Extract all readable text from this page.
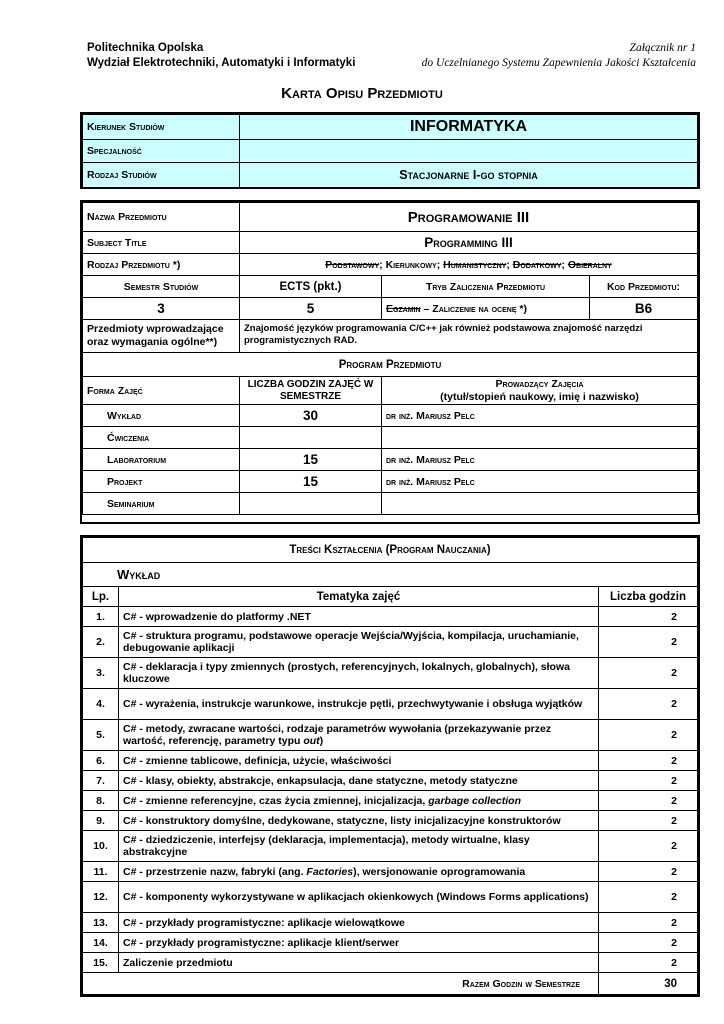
Politechnika Opolska
Wydział Elektrotechniki, Automatyki i Informatyki
Załącznik nr 1
do Uczelnianego Systemu Zapewnienia Jakości Kształcenia
Karta Opisu Przedmiotu
Kierunek Studiów	INFORMATYKA
Specjalność	
Rodzaj Studiów	Stacjonarne I-go stopnia
Nazwa Przedmiotu	Programowanie III		
Subject Title	Programming III		
Rodzaj Przedmiotu *)	Podstawowy; Kierunkowy; Humanistyczny; Dodatkowy; Obieralny		
Semestr Studiów	ECTS (pkt.)	Tryb Zaliczenia Przedmiotu	Kod Przedmiotu:
3	5	Egzamin – Zaliczenie na ocenę *)	B6
Przedmioty wprowadzające oraz wymagania ogólne**)	Znajomość języków programowania C/C++ jak również podstawowa znajomość narzędzi programistycznych RAD.		
Program Przedmiotu			
Forma Zajęć	LICZBA GODZIN ZAJĘĆ W SEMESTRZE	Prowadzący Zajęcia
(tytuł/stopień naukowy, imię i nazwisko)	

Wykład	30	dr inż. Mariusz Pelc	
Ćwiczenia			
Laboratorium	15	dr inż. Mariusz Pelc	
Projekt	15	dr inż. Mariusz Pelc	
Seminarium			
Treści Kształcenia (Program Nauczania)		
Wykład		
Lp.	Tematyka zajęć	Liczba godzin
1.	C# - wprowadzenie do platformy .NET	2
2.	C# - struktura programu, podstawowe operacje Wejścia/Wyjścia, kompilacja, uruchamianie, debugowanie aplikacji	2
3.	C# - deklaracja i typy zmiennych (prostych, referencyjnych, lokalnych, globalnych), słowa kluczowe	2
4.	C# - wyrażenia, instrukcje warunkowe, instrukcje pętli, przechwytywanie i obsługa wyjątków	2
5.	C# - metody, zwracane wartości, rodzaje parametrów wywołania (przekazywanie przez wartość, referencję, parametry typu out)	2
6.	C# - zmienne tablicowe, definicja, użycie, właściwości	2
7.	C# - klasy, obiekty, abstrakcje, enkapsulacja, dane statyczne, metody statyczne	2
8.	C# - zmienne referencyjne, czas życia zmiennej, inicjalizacja, garbage collection	2
9.	C# - konstruktory domyślne, dedykowane, statyczne, listy inicjalizacyjne konstruktorów	2
10.	C# - dziedziczenie, interfejsy (deklaracja, implementacja), metody wirtualne, klasy abstrakcyjne	2
11.	C# - przestrzenie nazw, fabryki (ang. Factories), wersjonowanie oprogramowania	2
12.	C# - komponenty wykorzystywane w aplikacjach okienkowych (Windows Forms applications)	2
13.	C# - przykłady programistyczne: aplikacje wielowątkowe	2
14.	C# - przykłady programistyczne: aplikacje klient/serwer	2
15.	Zaliczenie przedmiotu	2
Razem Godzin w Semestrze		30
